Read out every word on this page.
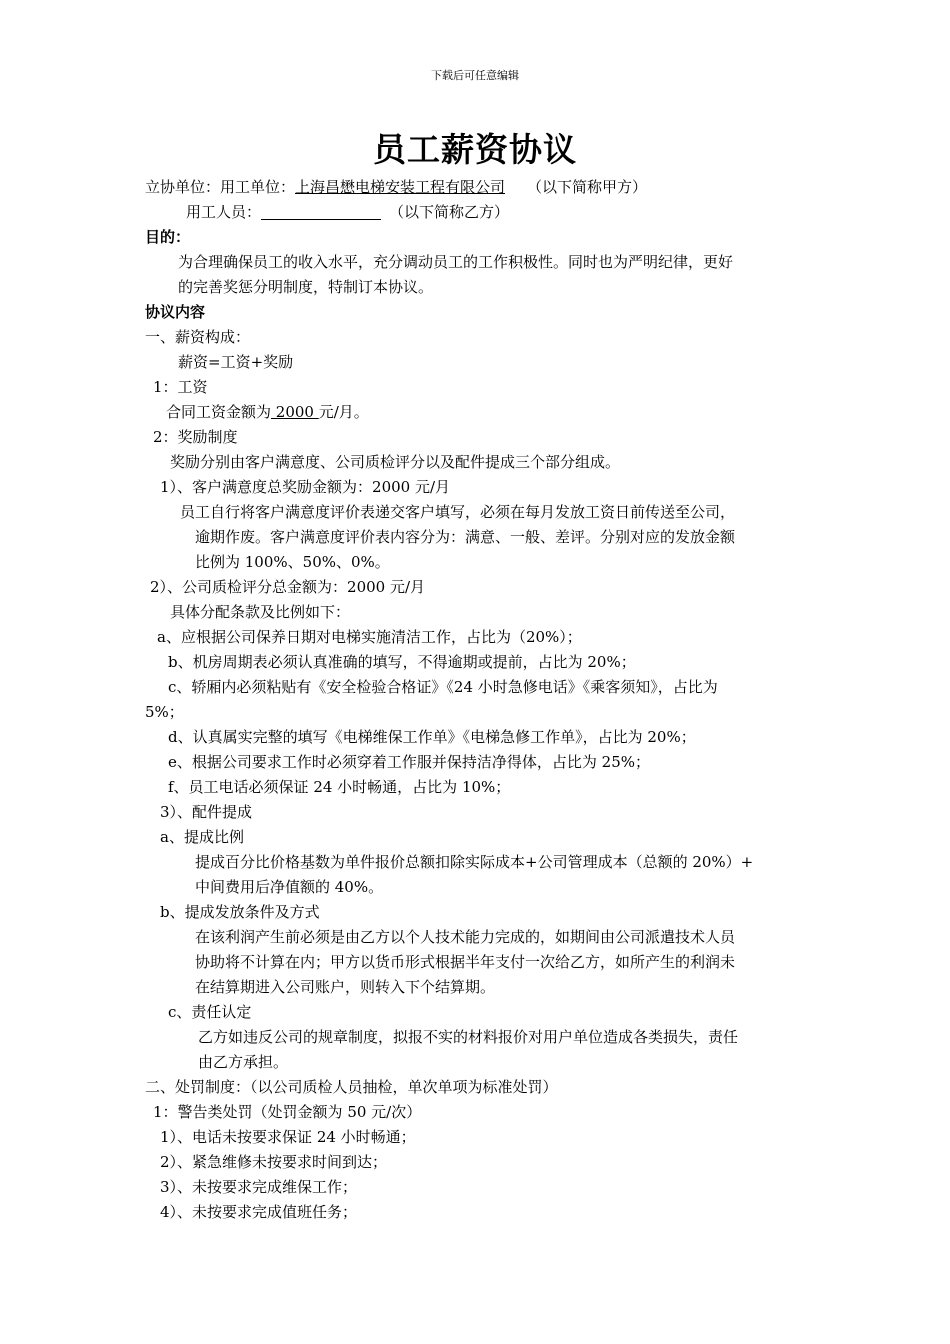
下载后可任意编辑
员工薪资协议
立协单位：用工单位：上海昌懋电梯安装工程有限公司 （以下简称甲方）
用工人员：	（以下简称乙方）
目的：
为合理确保员工的收入水平，充分调动员工的工作积极性。同时也为严明纪律，更好
的完善奖惩分明制度，特制订本协议。
协议内容
一、薪资构成：
薪资=工资+奖励
1：工资
合同工资金额为 2000 元/月。
2：奖励制度
奖励分别由客户满意度、公司质检评分以及配件提成三个部分组成。
1）、客户满意度总奖励金额为：2000 元/月
员工自行将客户满意度评价表递交客户填写，必须在每月发放工资日前传送至公司，
逾期作废。客户满意度评价表内容分为：满意、一般、差评。分别对应的发放金额
比例为 100%、50%、0%。
2）、公司质检评分总金额为：2000 元/月
具体分配条款及比例如下：
a、应根据公司保养日期对电梯实施清洁工作，占比为（20%）；
b、机房周期表必须认真准确的填写，不得逾期或提前，占比为 20%；
c、轿厢内必须粘贴有《安全检验合格证》《24 小时急修电话》《乘客须知》，占比为
5%；
d、认真属实完整的填写《电梯维保工作单》《电梯急修工作单》，占比为 20%；
e、根据公司要求工作时必须穿着工作服并保持洁净得体，占比为 25%；
f、员工电话必须保证 24 小时畅通，占比为 10%；
3）、配件提成
a、提成比例
提成百分比价格基数为单件报价总额扣除实际成本+公司管理成本（总额的 20%）+
中间费用后净值额的 40%。
b、提成发放条件及方式
在该利润产生前必须是由乙方以个人技术能力完成的，如期间由公司派遣技术人员
协助将不计算在内；甲方以货币形式根据半年支付一次给乙方，如所产生的利润未
在结算期进入公司账户，则转入下个结算期。
c、责任认定
乙方如违反公司的规章制度，拟报不实的材料报价对用户单位造成各类损失，责任
由乙方承担。
二、处罚制度：（以公司质检人员抽检，单次单项为标准处罚）
1：警告类处罚（处罚金额为 50 元/次）
1）、电话未按要求保证 24 小时畅通；
2）、紧急维修未按要求时间到达；
3）、未按要求完成维保工作；
4）、未按要求完成值班任务；
